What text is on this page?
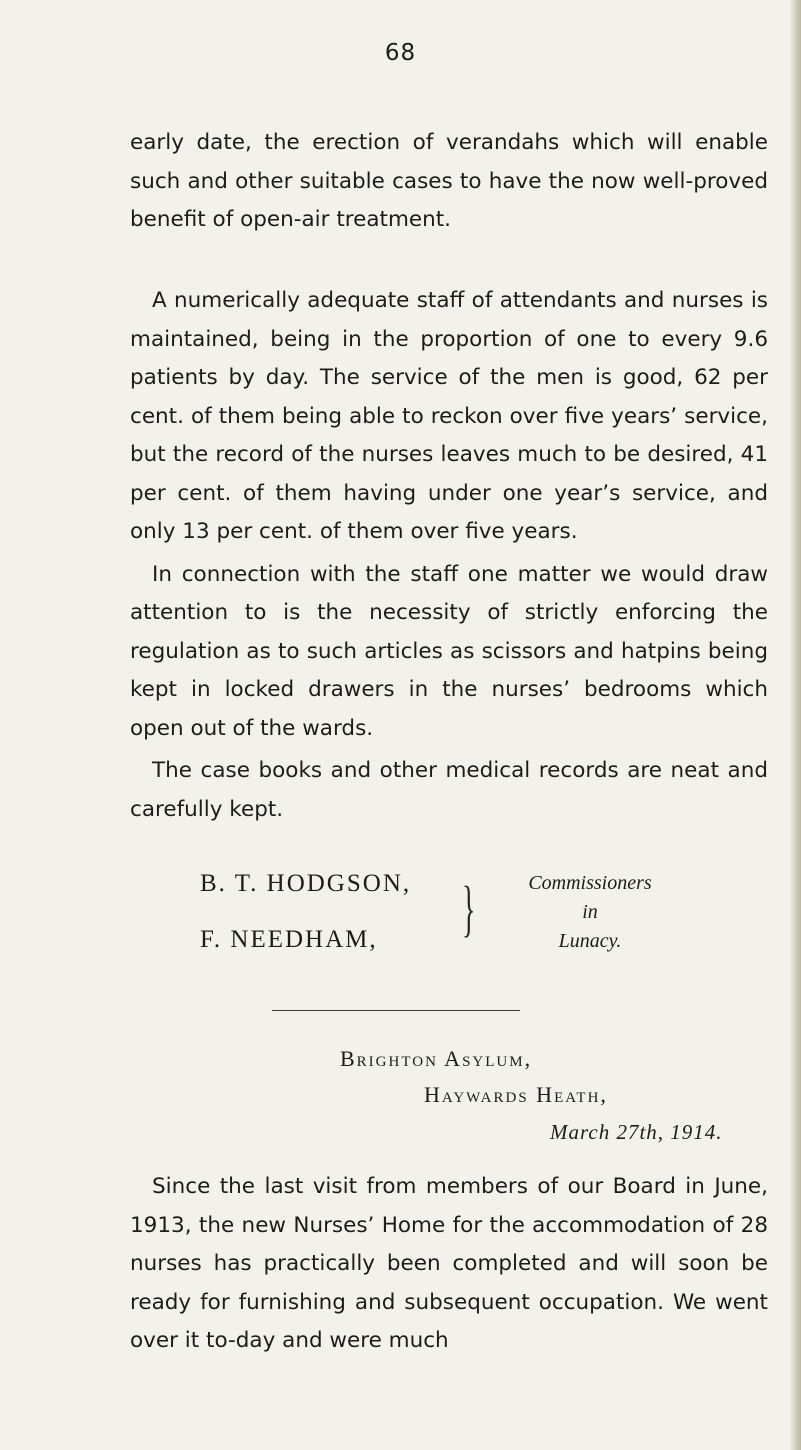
68

early date, the erection of verandahs which will enable such and other suitable cases to have the now well-proved benefit of open-air treatment.

A numerically adequate staff of attendants and nurses is maintained, being in the proportion of one to every 9.6 patients by day. The service of the men is good, 62 per cent. of them being able to reckon over five years’ service, but the record of the nurses leaves much to be desired, 41 per cent. of them having under one year’s service, and only 13 per cent. of them over five years.

In connection with the staff one matter we would draw attention to is the necessity of strictly enforcing the regulation as to such articles as scissors and hatpins being kept in locked drawers in the nurses’ bedrooms which open out of the wards.

The case books and other medical records are neat and carefully kept.

B. T. HODGSON,
F. NEEDHAM, }	Commissioners
in
Lunacy.
Brighton Asylum,
Haywards Heath,
March 27th, 1914.

Since the last visit from members of our Board in June, 1913, the new Nurses’ Home for the accommodation of 28 nurses has practically been completed and will soon be ready for furnishing and subsequent occupation. We went over it to-day and were much
